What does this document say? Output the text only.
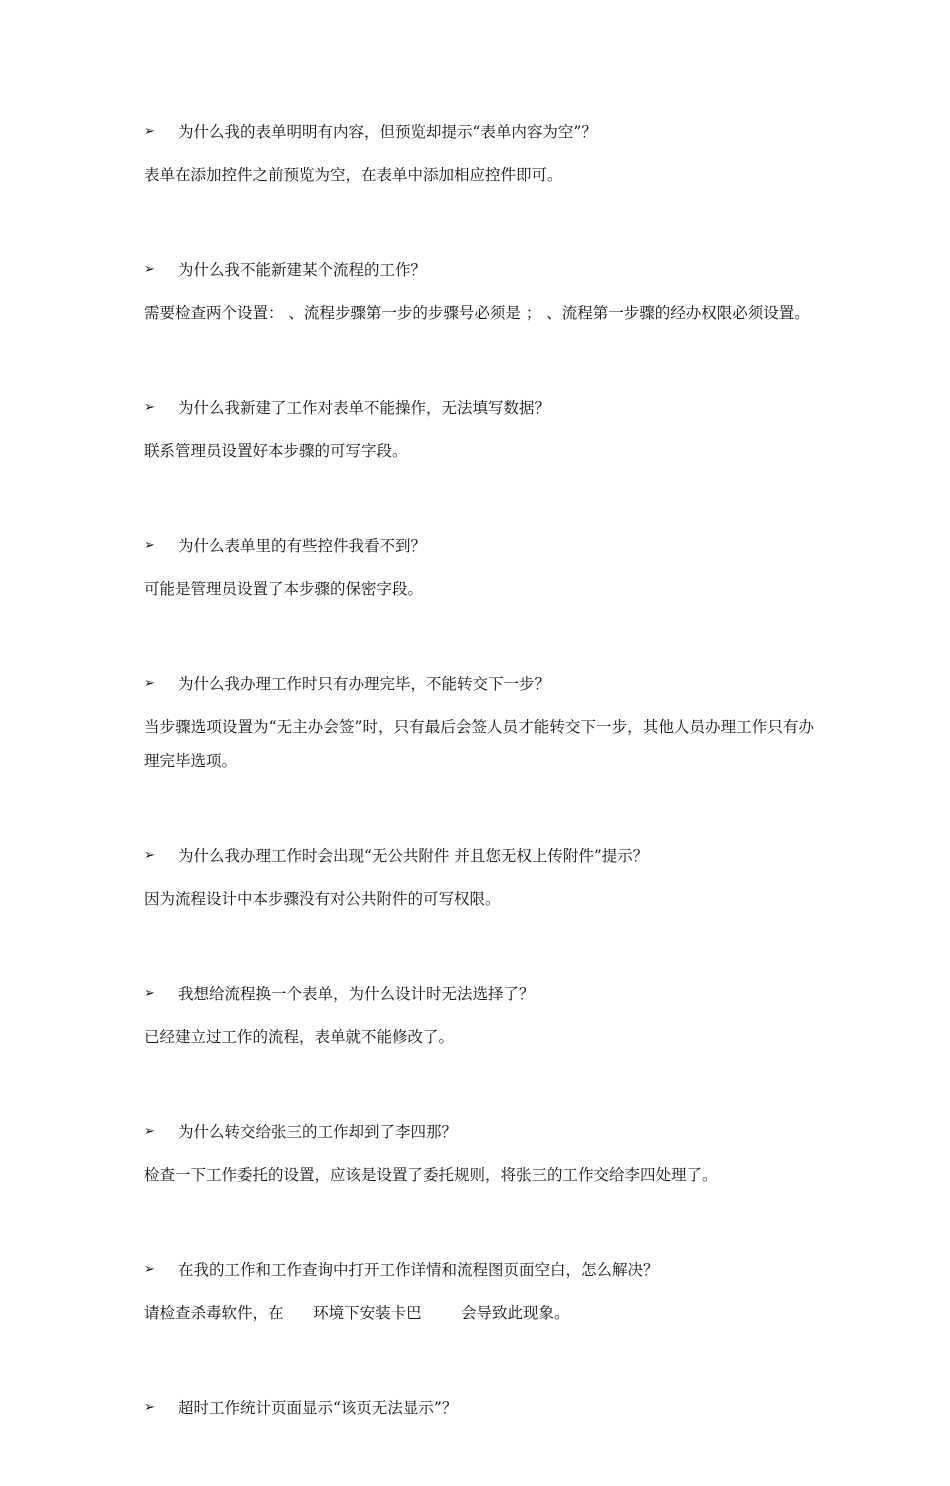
➢	为什么我的表单明明有内容，但预览却提示“表单内容为空”？
表单在添加控件之前预览为空，在表单中添加相应控件即可。
➢	为什么我不能新建某个流程的工作？
需要检查两个设置： 、流程步骤第一步的步骤号必须是 ； 、流程第一步骤的经办权限必须设置。
➢	为什么我新建了工作对表单不能操作，无法填写数据？
联系管理员设置好本步骤的可写字段。
➢	为什么表单里的有些控件我看不到？
可能是管理员设置了本步骤的保密字段。
➢	为什么我办理工作时只有办理完毕，不能转交下一步？
当步骤选项设置为“无主办会签”时，只有最后会签人员才能转交下一步，其他人员办理工作只有办理完毕选项。
➢	为什么我办理工作时会出现“无公共附件 并且您无权上传附件”提示？
因为流程设计中本步骤没有对公共附件的可写权限。
➢	我想给流程换一个表单，为什么设计时无法选择了？
已经建立过工作的流程，表单就不能修改了。
➢	为什么转交给张三的工作却到了李四那？
检查一下工作委托的设置，应该是设置了委托规则，将张三的工作交给李四处理了。
➢	在我的工作和工作查询中打开工作详情和流程图页面空白，怎么解决？
请检查杀毒软件，在      环境下安装卡巴        会导致此现象。
➢	超时工作统计页面显示“该页无法显示”？
